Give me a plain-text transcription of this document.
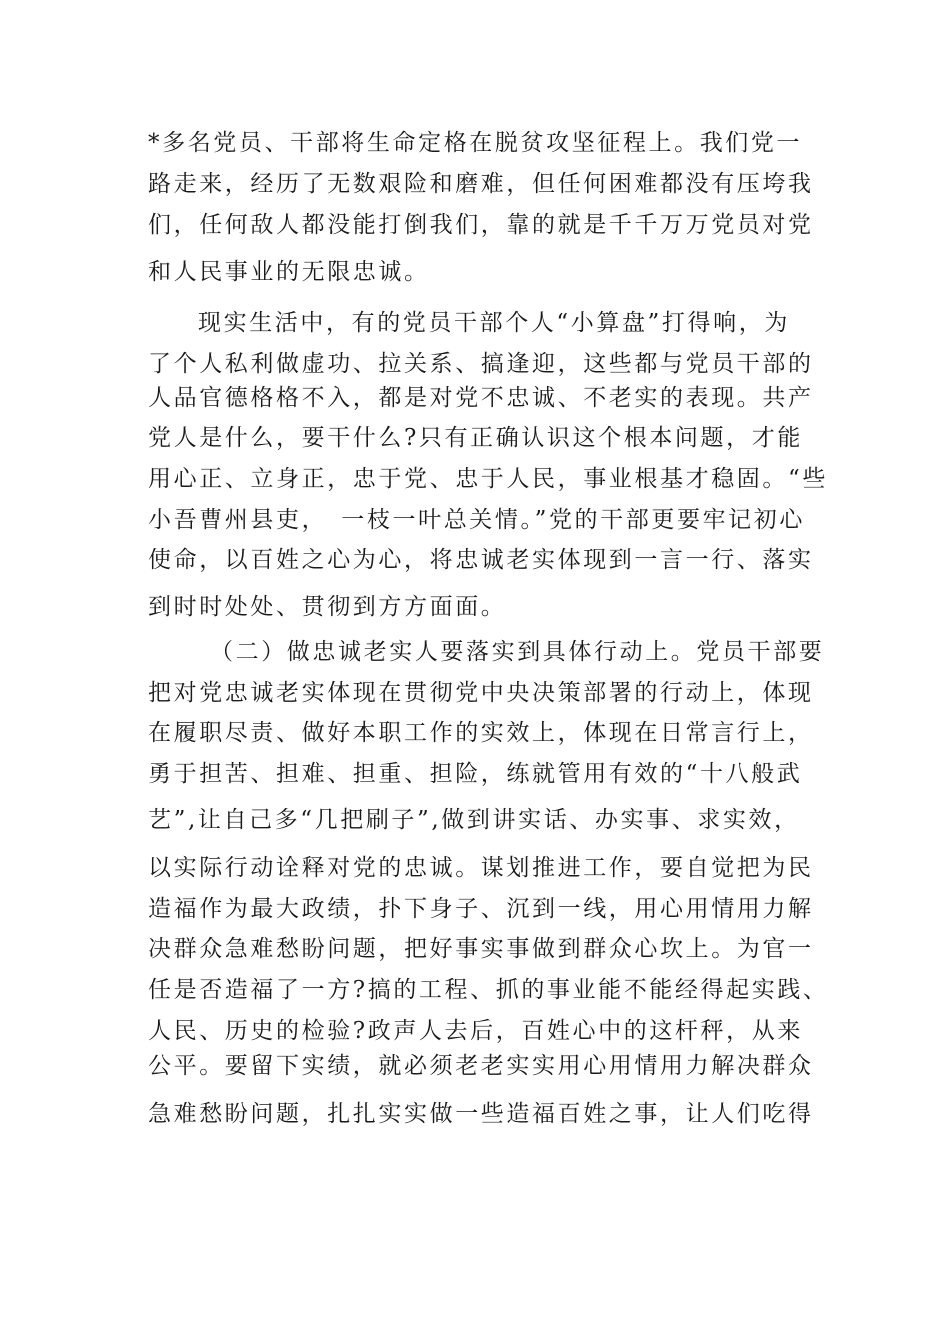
*多名党员、干部将生命定格在脱贫攻坚征程上。我们党一
路走来，经历了无数艰险和磨难，但任何困难都没有压垮我
们，任何敌人都没能打倒我们，靠的就是千千万万党员对党
和人民事业的无限忠诚。
现实生活中，有的党员干部个人“小算盘”打得响，为
了个人私利做虚功、拉关系、搞逢迎，这些都与党员干部的
人品官德格格不入，都是对党不忠诚、不老实的表现。共产
党人是什么，要干什么?只有正确认识这个根本问题，才能
用心正、立身正，忠于党、忠于人民，事业根基才稳固。“些
小吾曹州县吏，　一枝一叶总关情。”党的干部更要牢记初心
使命，以百姓之心为心，将忠诚老实体现到一言一行、落实
到时时处处、贯彻到方方面面。
（二）做忠诚老实人要落实到具体行动上。党员干部要
把对党忠诚老实体现在贯彻党中央决策部署的行动上，体现
在履职尽责、做好本职工作的实效上，体现在日常言行上，
勇于担苦、担难、担重、担险，练就管用有效的“十八般武
艺”,让自己多“几把刷子”,做到讲实话、办实事、求实效，
以实际行动诠释对党的忠诚。谋划推进工作，要自觉把为民
造福作为最大政绩，扑下身子、沉到一线，用心用情用力解
决群众急难愁盼问题，把好事实事做到群众心坎上。为官一
任是否造福了一方?搞的工程、抓的事业能不能经得起实践、
人民、历史的检验?政声人去后，百姓心中的这杆秤，从来
公平。要留下实绩，就必须老老实实用心用情用力解决群众
急难愁盼问题，扎扎实实做一些造福百姓之事，让人们吃得
